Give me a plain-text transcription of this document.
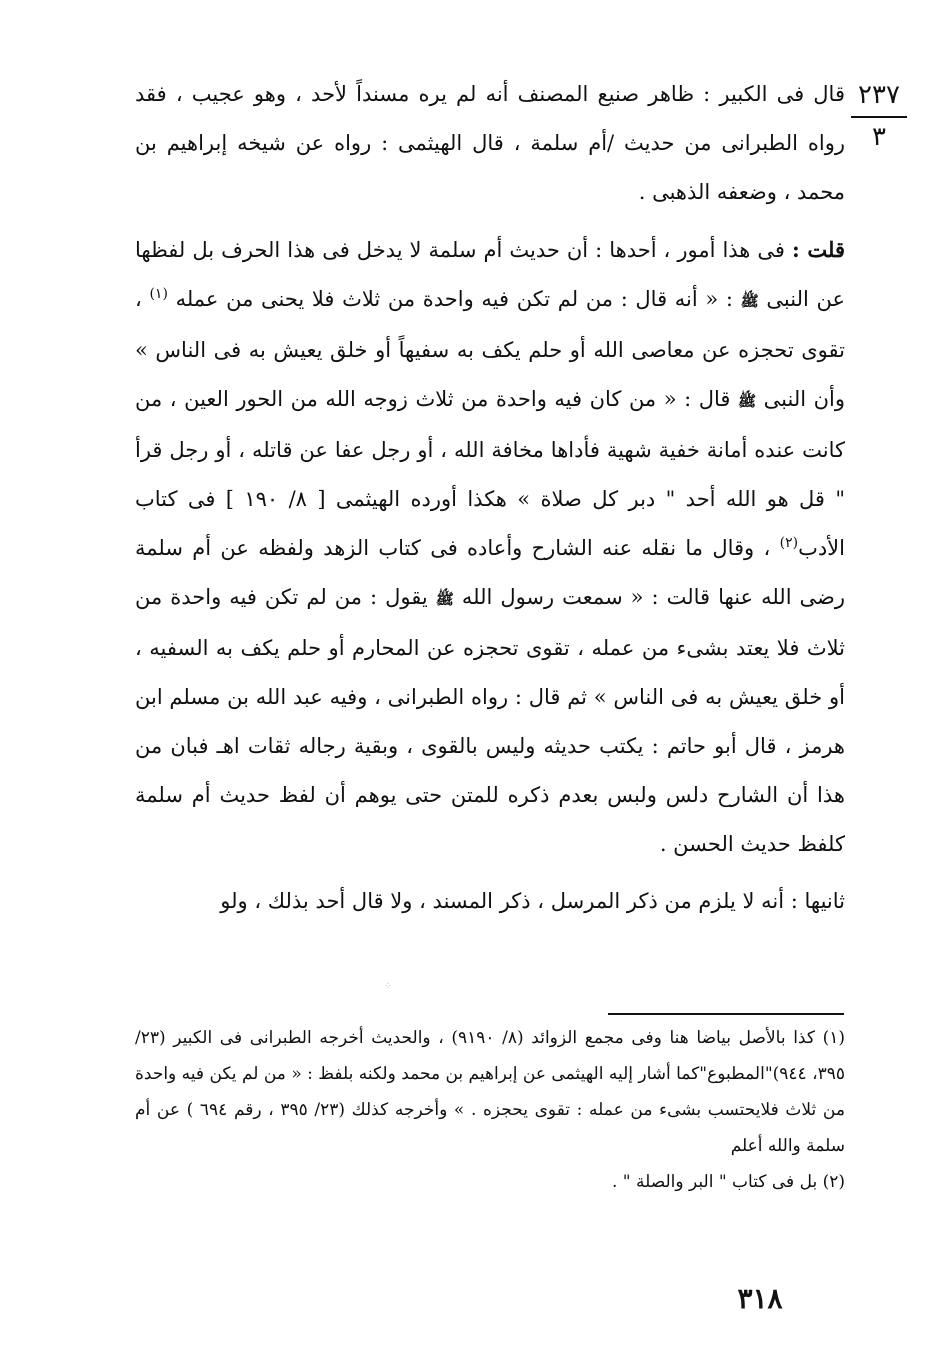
٢٣٧
٣

قال فى الكبير : ظاهر صنيع المصنف أنه لم يره مسنداً لأحد ، وهو عجيب ، فقد رواه الطبرانى من حديث /أم سلمة ، قال الهيثمى : رواه عن شيخه إبراهيم بن محمد ، وضعفه الذهبى .

قلت : فى هذا أمور ، أحدها : أن حديث أم سلمة لا يدخل فى هذا الحرف بل لفظها عن النبى ﷺ : « أنه قال : من لم تكن فيه واحدة من ثلاث فلا يحنى من عمله $^{(١)}$ ، تقوى تحجزه عن معاصى الله أو حلم يكف به سفيهاً أو خلق يعيش به فى الناس » وأن النبى ﷺ قال : « من كان فيه واحدة من ثلاث زوجه الله من الحور العين ، من كانت عنده أمانة خفية شهية فأداها مخافة الله ، أو رجل عفا عن قاتله ، أو رجل قرأ " قل هو الله أحد " دبر كل صلاة » هكذا أورده الهيثمى [ ٨/ ١٩٠ ] فى كتاب الأدب$^{(٢)}$ ، وقال ما نقله عنه الشارح وأعاده فى كتاب الزهد ولفظه عن أم سلمة رضى الله عنها قالت : « سمعت رسول الله ﷺ يقول : من لم تكن فيه واحدة من ثلاث فلا يعتد بشىء من عمله ، تقوى تحجزه عن المحارم أو حلم يكف به السفيه ، أو خلق يعيش به فى الناس » ثم قال : رواه الطبرانى ، وفيه عبد الله بن مسلم ابن هرمز ، قال أبو حاتم : يكتب حديثه وليس بالقوى ، وبقية رجاله ثقات اهـ فبان من هذا أن الشارح دلس ولبس بعدم ذكره للمتن حتى يوهم أن لفظ حديث أم سلمة كلفظ حديث الحسن .

ثانيها : أنه لا يلزم من ذكر المرسل ، ذكر المسند ، ولا قال أحد بذلك ، ولو

⁘

(١) كذا بالأصل بياضا هنا وفى مجمع الزوائد (٨/ ٩١٩٠) ، والحديث أخرجه الطبرانى فى الكبير (٢٣/ ٣٩٥، ٩٤٤)"المطبوع"كما أشار إليه الهيثمى عن إبراهيم بن محمد ولكنه بلفظ : « من لم يكن فيه واحدة من ثلاث فلايحتسب بشىء من عمله : تقوى يحجزه . » وأخرجه كذلك (٢٣/ ٣٩٥ ، رقم ٦٩٤ ) عن أم سلمة والله أعلم

(٢) بل فى كتاب " البر والصلة " .

٣١٨
